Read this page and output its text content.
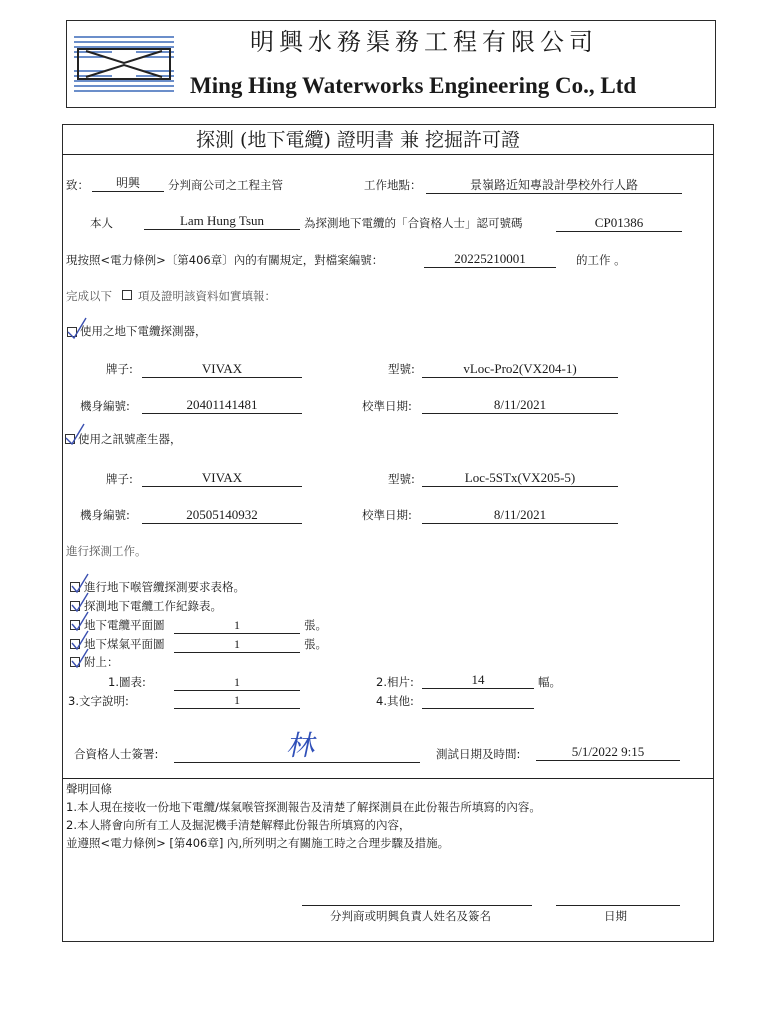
明興水務渠務工程有限公司
Ming Hing Waterworks Engineering Co., Ltd
探測 (地下電纜) 證明書 兼 挖掘許可證
致：	明興	分判商公司之工程主管	工作地點：	景嶺路近知專設計學校外行人路
本人	Lam Hung Tsun	為探測地下電纜的「合資格人士」認可號碼	CP01386
現按照<電力條例>〔第406章〕內的有關規定，對檔案編號：	20225210001	的工作 。
完成以下 項及證明該資料如實填報：
使用之地下電纜探測器，
牌子:	VIVAX	型號:	vLoc-Pro2(VX204-1)
機身編號:	20401141481	校準日期:	8/11/2021
使用之訊號產生器，
牌子:	VIVAX	型號:	Loc-5STx(VX205-5)
機身編號:	20505140932	校準日期:	8/11/2021
進行探測工作。
進行地下喉管纜探測要求表格。
探測地下電纜工作紀錄表。
地下電纜平面圖	1	張。
地下煤氣平面圖	1	張。
附上：
1.圖表:	1	2.相片:	14	幅。
3.文字說明:	1	4.其他:
合資格人士簽署:	林	測試日期及時間:	5/1/2022 9:15
聲明回條
1.本人現在接收一份地下電纜/煤氣喉管探測報告及清楚了解探測員在此份報告所填寫的內容。
2.本人將會向所有工人及掘泥機手清楚解釋此份報告所填寫的內容，
並遵照<電力條例> [第406章] 內,所列明之有關施工時之合理步驟及措施。
分判商或明興負責人姓名及簽名	日期
